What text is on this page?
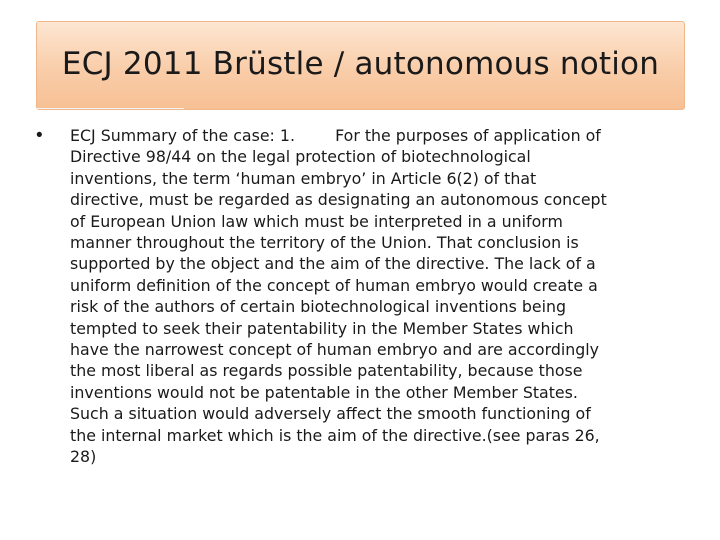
ECJ 2011 Brüstle / autonomous notion
• ECJ Summary of the case: 1.        For the purposes of application of
Directive 98/44 on the legal protection of biotechnological
inventions, the term ‘human embryo’ in Article 6(2) of that
directive, must be regarded as designating an autonomous concept
of European Union law which must be interpreted in a uniform
manner throughout the territory of the Union. That conclusion is
supported by the object and the aim of the directive. The lack of a
uniform definition of the concept of human embryo would create a
risk of the authors of certain biotechnological inventions being
tempted to seek their patentability in the Member States which
have the narrowest concept of human embryo and are accordingly
the most liberal as regards possible patentability, because those
inventions would not be patentable in the other Member States.
Such a situation would adversely affect the smooth functioning of
the internal market which is the aim of the directive.(see paras 26,
28)
